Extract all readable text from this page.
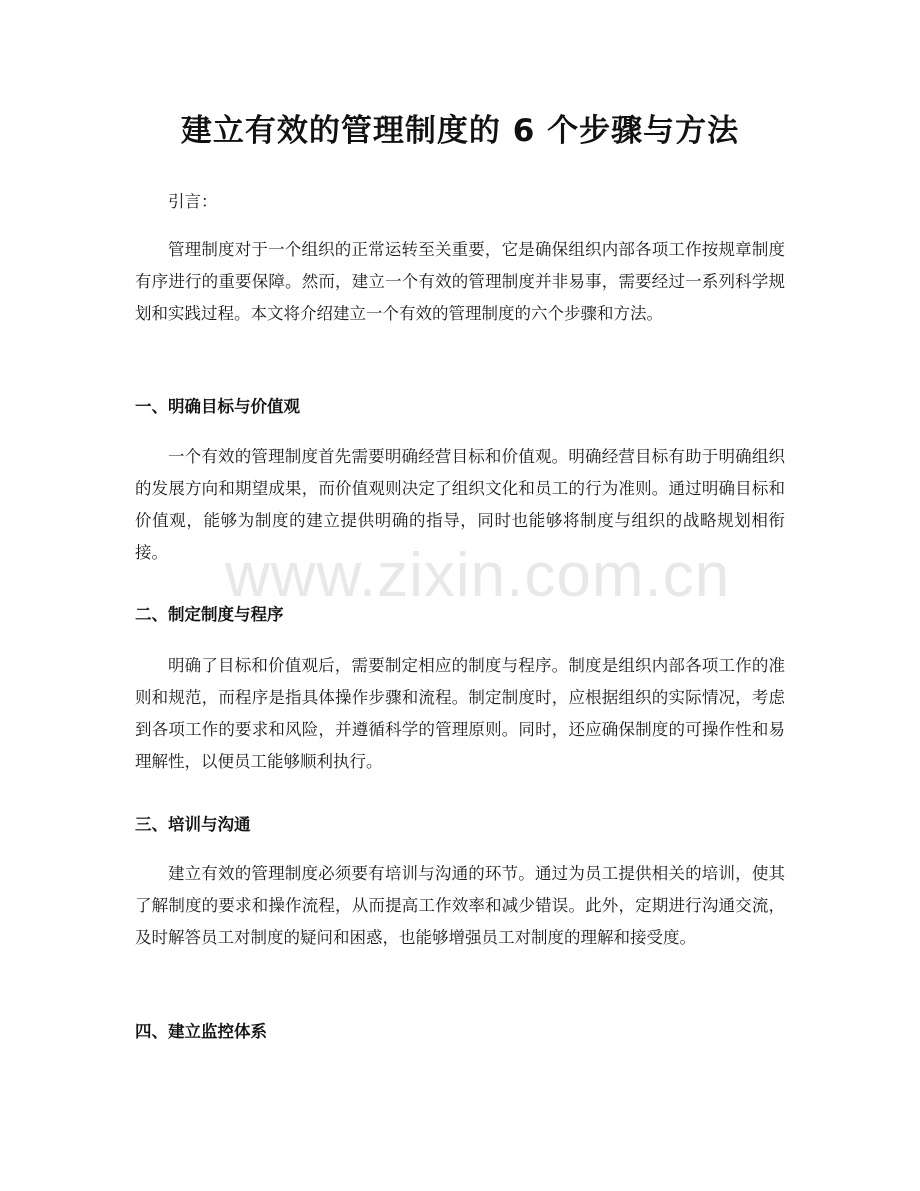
建立有效的管理制度的 6 个步骤与方法

引言：

管理制度对于一个组织的正常运转至关重要，它是确保组织内部各项工作按规章制度有序进行的重要保障。然而，建立一个有效的管理制度并非易事，需要经过一系列科学规划和实践过程。本文将介绍建立一个有效的管理制度的六个步骤和方法。

一、明确目标与价值观

一个有效的管理制度首先需要明确经营目标和价值观。明确经营目标有助于明确组织的发展方向和期望成果，而价值观则决定了组织文化和员工的行为准则。通过明确目标和价值观，能够为制度的建立提供明确的指导，同时也能够将制度与组织的战略规划相衔接。

二、制定制度与程序

明确了目标和价值观后，需要制定相应的制度与程序。制度是组织内部各项工作的准则和规范，而程序是指具体操作步骤和流程。制定制度时，应根据组织的实际情况，考虑到各项工作的要求和风险，并遵循科学的管理原则。同时，还应确保制度的可操作性和易理解性，以便员工能够顺利执行。

三、培训与沟通

建立有效的管理制度必须要有培训与沟通的环节。通过为员工提供相关的培训，使其了解制度的要求和操作流程，从而提高工作效率和减少错误。此外，定期进行沟通交流，及时解答员工对制度的疑问和困惑，也能够增强员工对制度的理解和接受度。

四、建立监控体系
www.zixin.com.cn
